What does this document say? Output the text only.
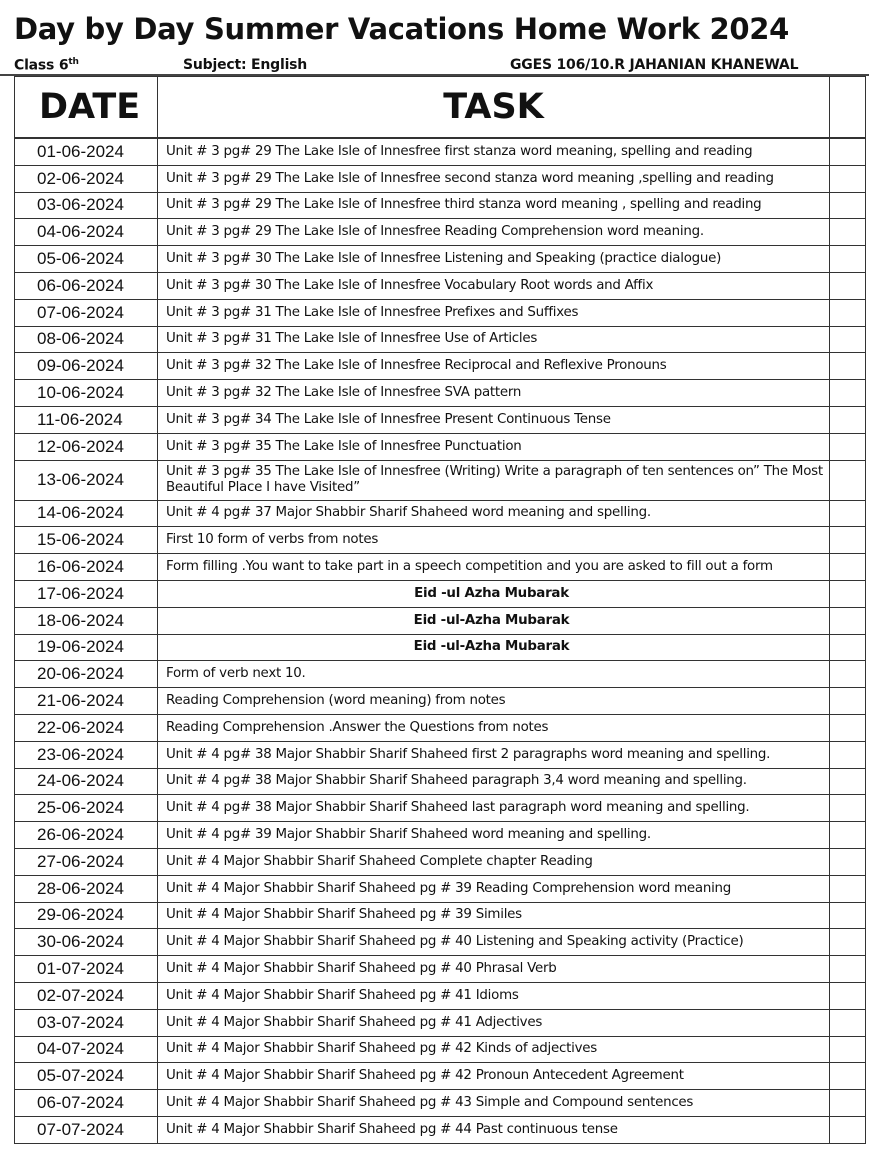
Day by Day Summer Vacations Home Work 2024
Class 6th	Subject: English	GGES 106/10.R JAHANIAN KHANEWAL
DATE	TASK	
01-06-2024	Unit # 3 pg# 29 The Lake Isle of Innesfree first stanza word meaning, spelling and reading	
02-06-2024	Unit # 3 pg# 29 The Lake Isle of Innesfree second stanza word meaning ,spelling and reading	
03-06-2024	Unit # 3 pg# 29 The Lake Isle of Innesfree third stanza word meaning , spelling and reading	
04-06-2024	Unit # 3 pg# 29 The Lake Isle of Innesfree Reading Comprehension word meaning.	
05-06-2024	Unit # 3 pg# 30 The Lake Isle of Innesfree Listening and Speaking (practice dialogue)	
06-06-2024	Unit # 3 pg# 30 The Lake Isle of Innesfree Vocabulary Root words and Affix	
07-06-2024	Unit # 3 pg# 31 The Lake Isle of Innesfree Prefixes and Suffixes	
08-06-2024	Unit # 3 pg# 31 The Lake Isle of Innesfree Use of Articles	
09-06-2024	Unit # 3 pg# 32 The Lake Isle of Innesfree Reciprocal and Reflexive Pronouns	
10-06-2024	Unit # 3 pg# 32 The Lake Isle of Innesfree SVA pattern	
11-06-2024	Unit # 3 pg# 34 The Lake Isle of Innesfree Present Continuous Tense	
12-06-2024	Unit # 3 pg# 35 The Lake Isle of Innesfree Punctuation	
13-06-2024	Unit # 3 pg# 35 The Lake Isle of Innesfree (Writing) Write a paragraph of ten sentences on” The Most Beautiful Place I have Visited”	
14-06-2024	Unit # 4 pg# 37 Major Shabbir Sharif Shaheed word meaning and spelling.	
15-06-2024	First 10 form of verbs from notes	
16-06-2024	Form filling .You want to take part in a speech competition and you are asked to fill out a form	
17-06-2024	Eid -ul Azha Mubarak	
18-06-2024	Eid -ul-Azha Mubarak	
19-06-2024	Eid -ul-Azha Mubarak	
20-06-2024	Form of verb next 10.	
21-06-2024	Reading Comprehension (word meaning) from notes	
22-06-2024	Reading Comprehension .Answer the Questions from notes	
23-06-2024	Unit # 4 pg# 38 Major Shabbir Sharif Shaheed first 2 paragraphs word meaning and spelling.	
24-06-2024	Unit # 4 pg# 38 Major Shabbir Sharif Shaheed paragraph 3,4 word meaning and spelling.	
25-06-2024	Unit # 4 pg# 38 Major Shabbir Sharif Shaheed last paragraph word meaning and spelling.	
26-06-2024	Unit # 4 pg# 39 Major Shabbir Sharif Shaheed word meaning and spelling.	
27-06-2024	Unit # 4 Major Shabbir Sharif Shaheed Complete chapter Reading	
28-06-2024	Unit # 4 Major Shabbir Sharif Shaheed pg # 39 Reading Comprehension word meaning	
29-06-2024	Unit # 4 Major Shabbir Sharif Shaheed pg # 39 Similes	
30-06-2024	Unit # 4 Major Shabbir Sharif Shaheed pg # 40 Listening and Speaking activity (Practice)	
01-07-2024	Unit # 4 Major Shabbir Sharif Shaheed pg # 40 Phrasal Verb	
02-07-2024	Unit # 4 Major Shabbir Sharif Shaheed pg # 41 Idioms	
03-07-2024	Unit # 4 Major Shabbir Sharif Shaheed pg # 41 Adjectives	
04-07-2024	Unit # 4 Major Shabbir Sharif Shaheed pg # 42 Kinds of adjectives	
05-07-2024	Unit # 4 Major Shabbir Sharif Shaheed pg # 42 Pronoun Antecedent Agreement	
06-07-2024	Unit # 4 Major Shabbir Sharif Shaheed pg # 43 Simple and Compound sentences	
07-07-2024	Unit # 4 Major Shabbir Sharif Shaheed pg # 44 Past continuous tense	
